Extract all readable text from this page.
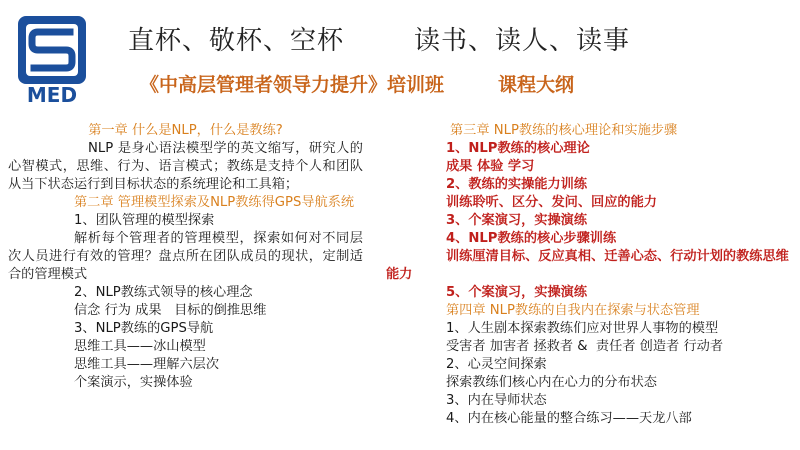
MED
直杯、敬杯、空杯	读书、读人、读事
《中高层管理者领导力提升》培训班	课程大纲

第一章 什么是NLP，什么是教练?

NLP 是身心语法模型学的英文缩写，研究人的心智模式，思维、行为、语言模式；教练是支持个人和团队从当下状态运行到目标状态的系统理论和工具箱；

第二章 管理模型探索及NLP教练得GPS导航系统

1、团队管理的模型探索

解析每个管理者的管理模型，探索如何对不同层次人员进行有效的管理？盘点所在团队成员的现状，定制适合的管理模式

2、NLP教练式领导的核心理念

信念 行为 成果   目标的倒推思维

3、NLP教练的GPS导航

思维工具——冰山模型

思维工具——理解六层次

个案演示，实操体验

第三章 NLP教练的核心理论和实施步骤

1、NLP教练的核心理论

成果 体验 学习

2、教练的实操能力训练

训练聆听、区分、发问、回应的能力

3、个案演习，实操演练

4、NLP教练的核心步骤训练

训练厘清目标、反应真相、迁善心态、行动计划的教练思维能力

5、个案演习，实操演练

第四章 NLP教练的自我内在探索与状态管理

1、人生剧本探索教练们应对世界人事物的模型

受害者 加害者 拯救者 &  责任者 创造者 行动者

2、心灵空间探索

探索教练们核心内在心力的分布状态

3、内在导师状态

4、内在核心能量的整合练习——天龙八部
